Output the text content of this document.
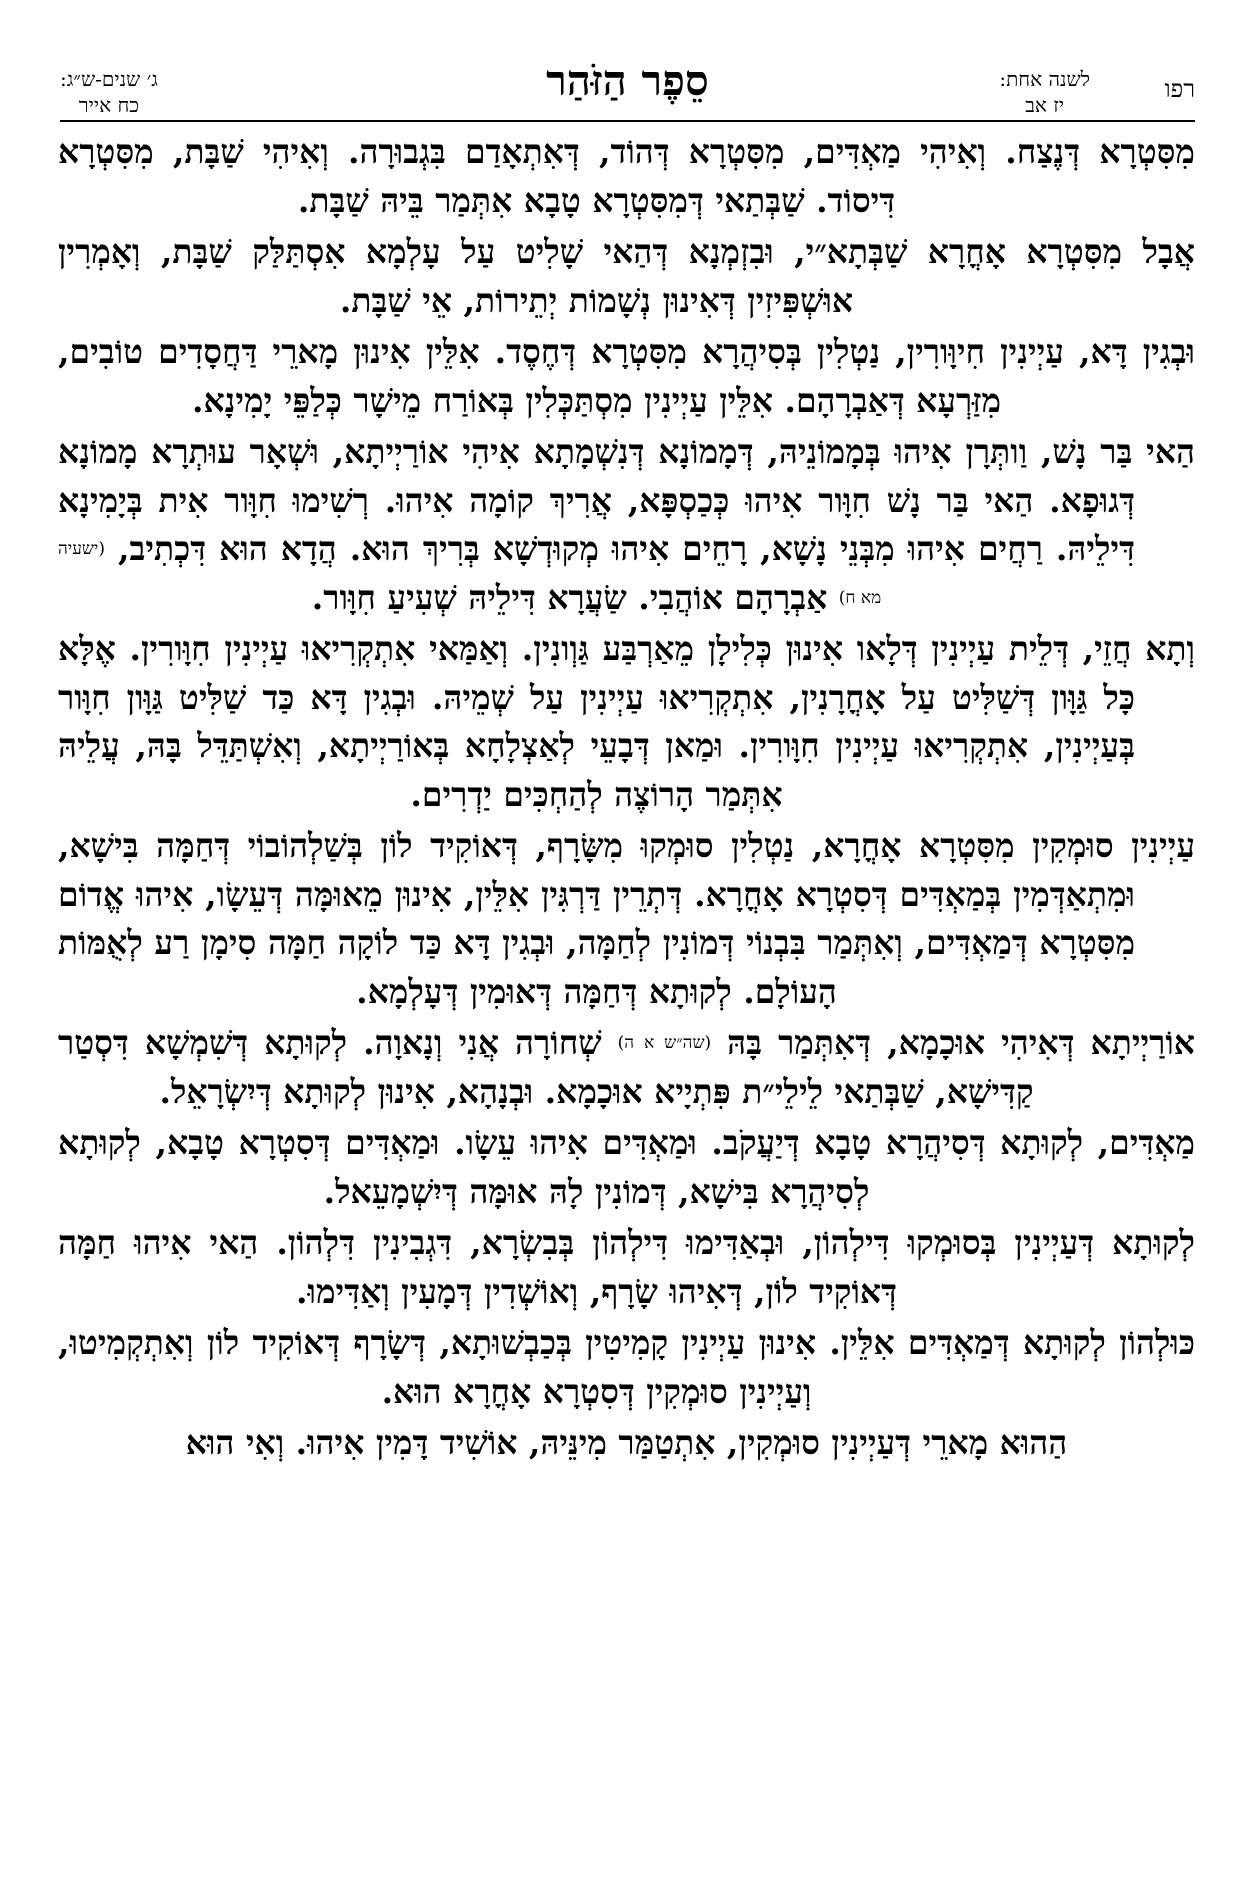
רפו
לשנה אחת:
יז אב
סֵפֶר הַזֹּהַר
ג׳ שנים-ש״ג:
כח אייר

מִסִּטְרָא דְּנֶצַח. וְאִיהִי מַאְדִּים, מִסִּטְרָא דְּהוֹד, דְּאִתְאָדַם בִּגְבוּרָה. וְאִיהִי שַׁבָּת, מִסִּטְרָא דִּיסוֹד. שַׁבְּתַאי דְּמִסִּטְרָא טָבָא אִתְּמַר בֵּיהּ שַׁבָּת.

אֲבָל מִסִּטְרָא אָחֳרָא שַׁבְּתָא״י, וּבִזְמְנָא דְּהַאי שָׁלִיט עַל עָלְמָא אִסְתַּלַּק שַׁבָּת, וְאָמְרִין אוּשְׁפִּיזִין דְּאִינוּן נְשָׁמוֹת יְתֵירוֹת, אֵי שַׁבָּת.

וּבְגִין דָּא, עַיְינִין חִיוָּורִין, נַטְלִין בְּסִיהֲרָא מִסִּטְרָא דְּחֶסֶד. אִלֵּין אִינוּן מָארֵי דַּחֲסָדִים טוֹבִים, מִזַּרְעָא דְּאַבְרָהָם. אִלֵּין עַיְינִין מִסְתַּכְּלִין בְּאוֹרַח מֵישָׁר כְּלַפֵּי יָמִינָא.

הַאי בַּר נָשׁ, וַותְּרָן אִיהוּ בְּמָמוֹנֵיהּ, דְּמָמוֹנָא דְּנִשְׁמָתָא אִיהִי אוֹרַיְיתָא, וּשְׁאָר עוּתְרָא מָמוֹנָא דְּגוּפָא. הַאי בַּר נָשׁ חִוָּור אִיהוּ כְּכַסְפָּא, אֲרִיךְ קוֹמָה אִיהוּ. רְשִׁימוּ חִוָּור אִית בְּיָמִינָא דִּילֵיהּ. רַחֲים אִיהוּ מִבְּנֵי נָשָׁא, רָחֵים אִיהוּ מְקוּדְשָׁא בְּרִיךְ הוּא. הֲדָא הוּא דִּכְתִיב, (ישעיה מא ח) אַבְרָהָם אוֹהֲבִי. שַׂעֲרָא דִּילֵיהּ שְׁעִיעַ חִוָּור.

וְתָא חֲזֵי, דְּלֵית עַיְינִין דְּלָאו אִינוּן כְּלִילָן מֵאַרְבַּע גַּוְונִין. וְאַמַּאי אִתְקְרִיאוּ עַיְינִין חִוָּורִין. אֶלָּא כָּל גַּוָּון דְּשַׁלִּיט עַל אָחֳרָנִין, אִתְקְרִיאוּ עַיְינִין עַל שְׁמֵיהּ. וּבְגִין דָּא כַּד שַׁלִּיט גַּוָּון חִוָּור בְּעַיְינִין, אִתְקְרִיאוּ עַיְינִין חִוָּורִין. וּמַאן דְּבָעֵי לְאַצְלָחָא בְּאוֹרַיְיתָא, וְאִשְׁתַּדֵּל בָּהּ, עֲלֵיהּ אִתְּמַר הָרוֹצֶה לְהַחְכִּים יַדְרִים.

עַיְינִין סוּמְקִין מִסִּטְרָא אָחֳרָא, נַטְלִין סוּמְקוּ מִשָּׂרָף, דְּאוֹקִיד לוֹן בְּשַׁלְהוֹבוֹי דְּחַמָּה בִּישָׁא, וּמִתְאַדְּמִין בְּמַאְדִּים דְּסִטְרָא אָחֳרָא. דְּתְרֵין דַּרְגִּין אִלֵּין, אִינוּן מֵאוּמָּה דְּעֵשָׂו, אִיהוּ אֱדוֹם מִסִּטְרָא דְּמַאְדִּים, וְאִתְּמַר בִּבְנוֹי דְּמוֹנִין לְחַמָּה, וּבְגִין דָּא כַּד לוֹקָה חַמָּה סִימָן רַע לְאֻמּוֹת הָעוֹלָם. לְקוּתָא דְּחַמָּה דְּאוּמִין דְּעָלְמָא.

אוֹרַיְיתָא דְּאִיהִי אוּכָמָא, דְּאִתְּמַר בָּהּ (שה״ש א ה) שְׁחוֹרָה אֲנִי וְנָאוָה. לְקוּתָא דְּשִׁמְשָׁא דִּסְטַר קַדִּישָׁא, שַׁבְּתַאי לֵילֵי״ת פִּתְיָיא אוּכָמָא. וּבְנָהָא, אִינוּן לְקוּתָא דְּיִשְׂרָאֵל.

מַאְדִּים, לְקוּתָא דְּסִיהֲרָא טָבָא דְּיַעֲקֹב. וּמַאְדִּים אִיהוּ עֵשָׂו. וּמַאְדִּים דְּסִטְרָא טָבָא, לְקוּתָא לְסִיהֲרָא בִּישָׁא, דְּמוֹנִין לָהּ אוּמָּה דְּיִשְׁמָעֵאל.

לְקוּתָא דְּעַיְינִין בְּסוּמְקוּ דִּילְהוֹן, וּבְאַדִּימוּ דִּילְהוֹן בְּבִשְׂרָא, דִּגְבִינִין דִּלְהוֹן. הַאי אִיהוּ חַמָּה דְּאוֹקִיד לוֹן, דְּאִיהוּ שָׂרָף, וְאוֹשְׁדִין דְּמָעִין וְאַדִּימוּ.

כּוּלְהוֹן לְקוּתָא דְּמַאְדִּים אִלֵּין. אִינוּן עַיְינִין קָמִיטִין בְּכַבְשׁוּתָא, דְּשָׂרָף דְּאוֹקִיד לוֹן וְאִתְקְמִיטוּ, וְעַיְינִין סוּמְקִין דְּסִטְרָא אָחֳרָא הוּא.

הַהוּא מָארֵי דְּעַיְינִין סוּמְקִין, אִתְטַמַּר מִינֵּיהּ, אוֹשִׁיד דָּמִין אִיהוּ. וְאִי הוּא
